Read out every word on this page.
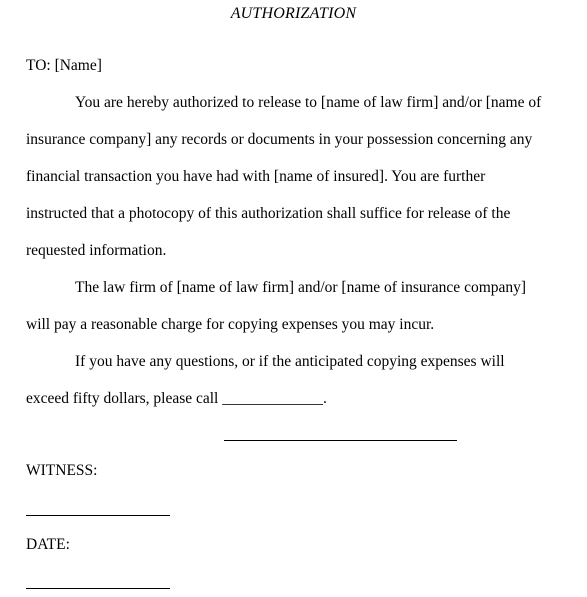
AUTHORIZATION
TO: [Name]
You are hereby authorized to release to [name of law firm] and/or [name of
insurance company] any records or documents in your possession concerning any
financial transaction you have had with [name of insured]. You are further
instructed that a photocopy of this authorization shall suffice for release of the
requested information.
The law firm of [name of law firm] and/or [name of insurance company]
will pay a reasonable charge for copying expenses you may incur.
If you have any questions, or if the anticipated copying expenses will
exceed fifty dollars, please call _____________.
WITNESS:
DATE:
